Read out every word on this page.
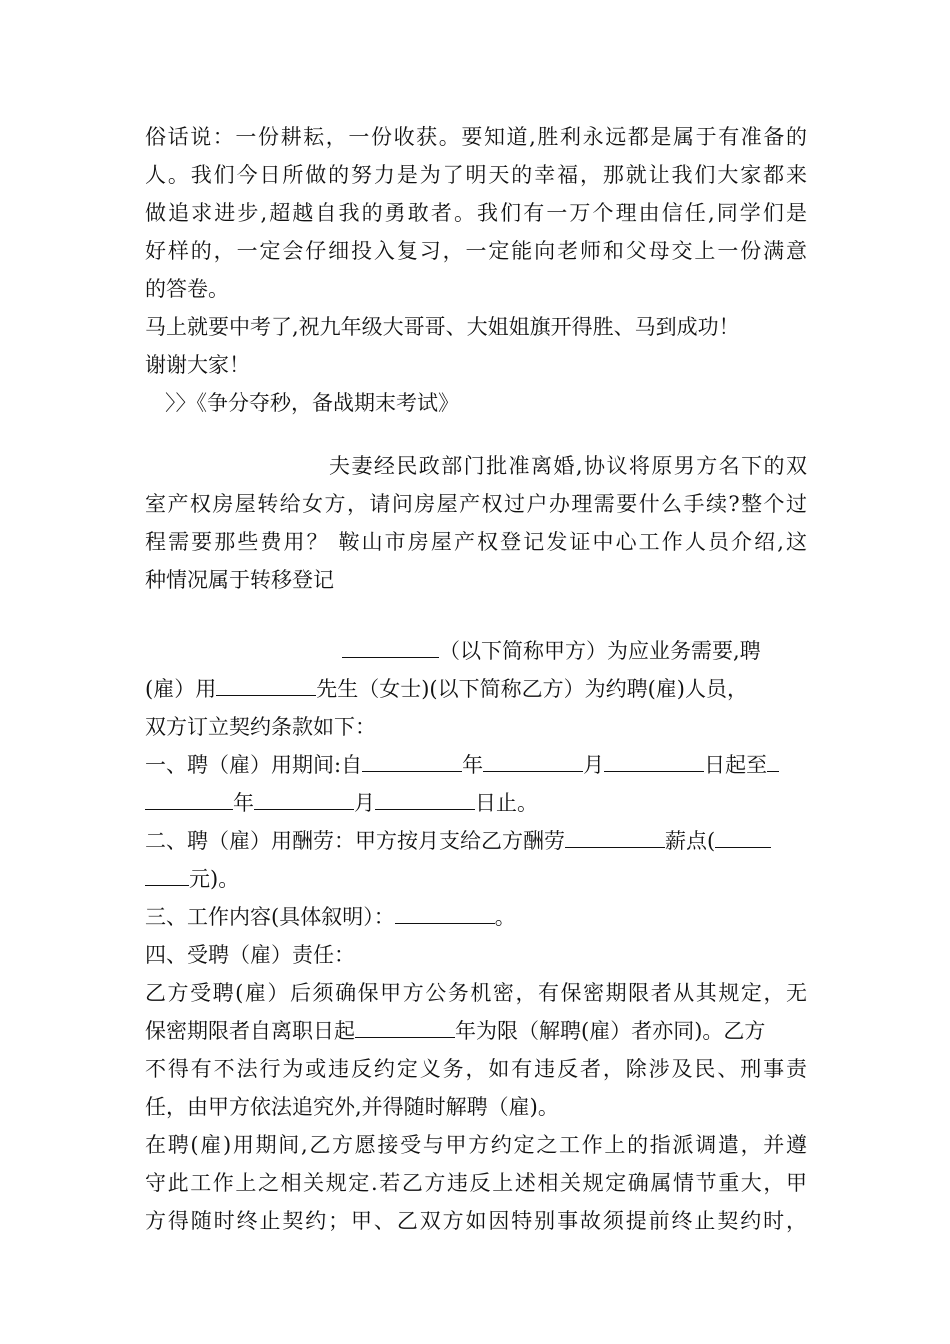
俗话说：一份耕耘，一份收获。要知道,胜利永远都是属于有准备的
人。我们今日所做的努力是为了明天的幸福，那就让我们大家都来
做追求进步,超越自我的勇敢者。我们有一万个理由信任,同学们是
好样的，一定会仔细投入复习，一定能向老师和父母交上一份满意
的答卷。
马上就要中考了,祝九年级大哥哥、大姐姐旗开得胜、马到成功！
谢谢大家！
〉〉《争分夺秒，备战期末考试》
夫妻经民政部门批准离婚,协议将原男方名下的双
室产权房屋转给女方，请问房屋产权过户办理需要什么手续?整个过
程需要那些费用？ 鞍山市房屋产权登记发证中心工作人员介绍,这
种情况属于转移登记
（以下简称甲方）为应业务需要,聘
(雇）用	先生（女士)(以下简称乙方）为约聘(雇)人员，
双方订立契约条款如下：
一、聘（雇）用期间:自	年	月	日起至
年	月	日止。
二、聘（雇）用酬劳：甲方按月支给乙方酬劳	薪点(
元)。
三、工作内容(具体叙明）：	。
四、受聘（雇）责任：
乙方受聘(雇）后须确保甲方公务机密，有保密期限者从其规定，无
保密期限者自离职日起	年为限（解聘(雇）者亦同)。乙方
不得有不法行为或违反约定义务，如有违反者，除涉及民、刑事责
任，由甲方依法追究外,并得随时解聘（雇)。
在聘(雇)用期间,乙方愿接受与甲方约定之工作上的指派调遣，并遵
守此工作上之相关规定.若乙方违反上述相关规定确属情节重大，甲
方得随时终止契约；甲、乙双方如因特别事故须提前终止契约时，
